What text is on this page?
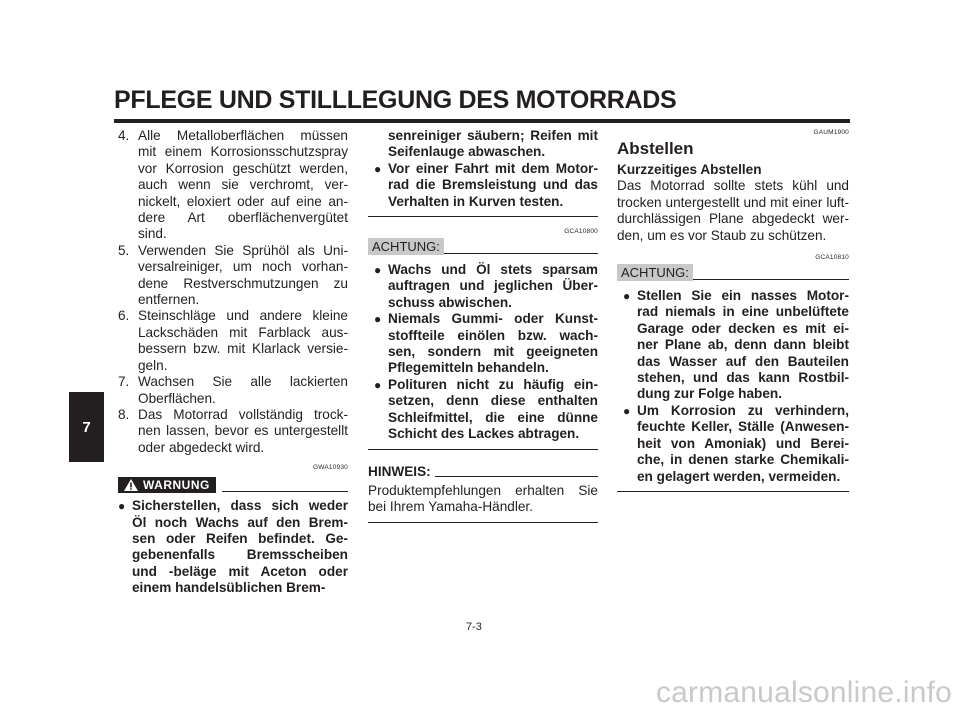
PFLEGE UND STILLLEGUNG DES MOTORRADS
7
4. Alle Metalloberflächen müssen
mit einem Korrosionsschutzspray
vor Korrosion geschützt werden,
auch wenn sie verchromt, ver-
nickelt, eloxiert oder auf eine an-
dere Art oberflächenvergütet
sind.
5. Verwenden Sie Sprühöl als Uni-
versalreiniger, um noch vorhan-
dene Restverschmutzungen zu
entfernen.
6. Steinschläge und andere kleine
Lackschäden mit Farblack aus-
bessern bzw. mit Klarlack versie-
geln.
7. Wachsen Sie alle lackierten
Oberflächen.
8. Das Motorrad vollständig trock-
nen lassen, bevor es untergestellt
oder abgedeckt wird.
GWA10930
WARNUNG
● Sicherstellen, dass sich weder
Öl noch Wachs auf den Brem-
sen oder Reifen befindet. Ge-
gebenenfalls Bremsscheiben
und -beläge mit Aceton oder
einem handelsüblichen Brem-
senreiniger säubern; Reifen mit
Seifenlauge abwaschen.
● Vor einer Fahrt mit dem Motor-
rad die Bremsleistung und das
Verhalten in Kurven testen.
GCA10800
ACHTUNG:
● Wachs und Öl stets sparsam
auftragen und jeglichen Über-
schuss abwischen.
● Niemals Gummi- oder Kunst-
stoffteile einölen bzw. wach-
sen, sondern mit geeigneten
Pflegemitteln behandeln.
● Polituren nicht zu häufig ein-
setzen, denn diese enthalten
Schleifmittel, die eine dünne
Schicht des Lackes abtragen.
HINWEIS:
Produktempfehlungen erhalten Sie
bei Ihrem Yamaha-Händler.
GAUM1900
Abstellen
Kurzzeitiges Abstellen
Das Motorrad sollte stets kühl und
trocken untergestellt und mit einer luft-
durchlässigen Plane abgedeckt wer-
den, um es vor Staub zu schützen.
GCA10810
ACHTUNG:
● Stellen Sie ein nasses Motor-
rad niemals in eine unbelüftete
Garage oder decken es mit ei-
ner Plane ab, denn dann bleibt
das Wasser auf den Bauteilen
stehen, und das kann Rostbil-
dung zur Folge haben.
● Um Korrosion zu verhindern,
feuchte Keller, Ställe (Anwesen-
heit von Amoniak) und Berei-
che, in denen starke Chemikali-
en gelagert werden, vermeiden.
7-3
carmanualsonline.info
